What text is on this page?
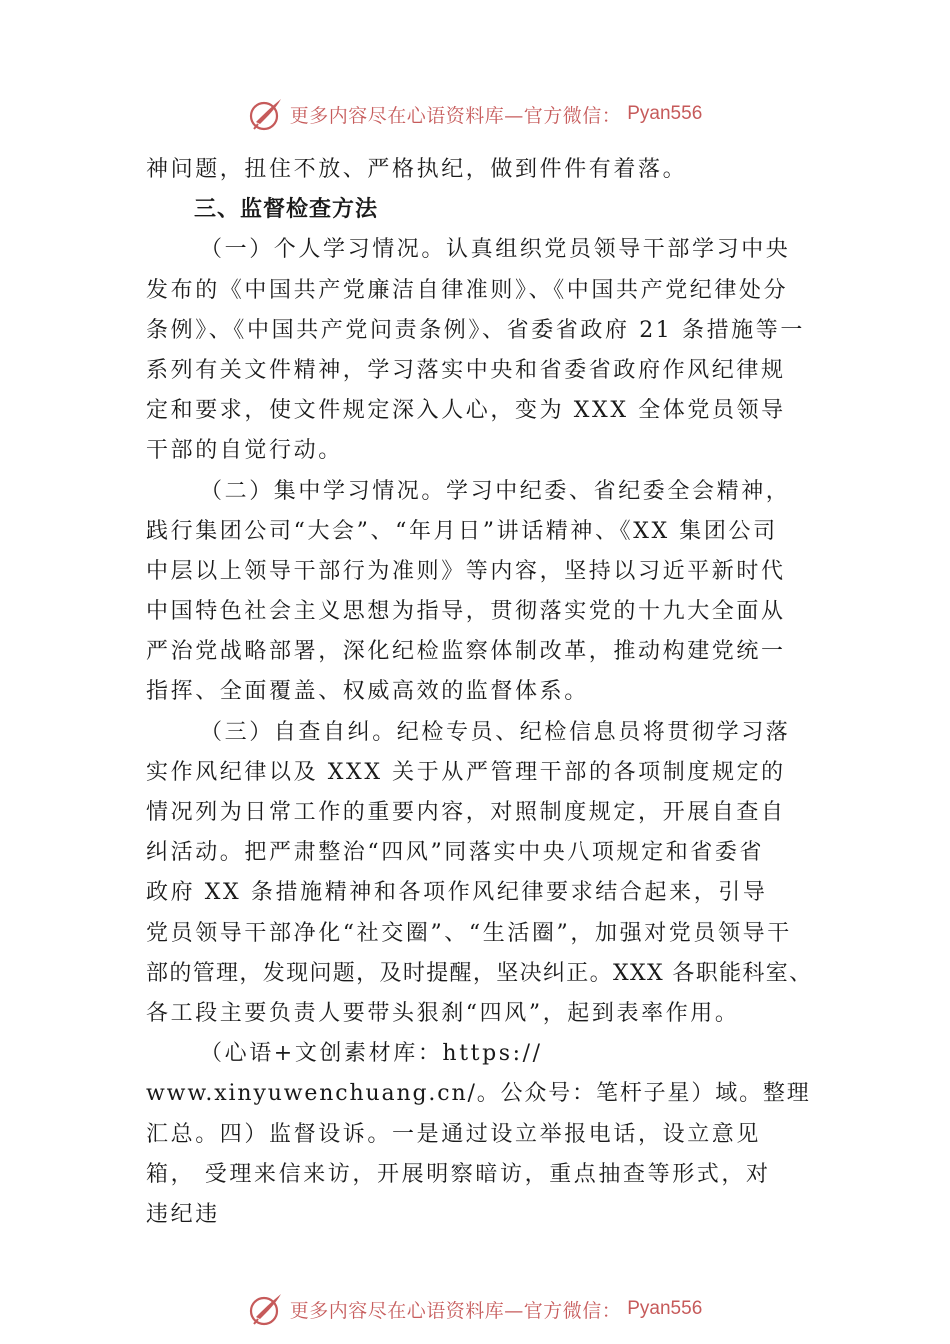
更多内容尽在心语资料库—官方微信： Pyan556
神问题，扭住不放、严格执纪，做到件件有着落。
三、监督检查方法
（一）个人学习情况。认真组织党员领导干部学习中央
发布的《中国共产党廉洁自律准则》、《中国共产党纪律处分
条例》、《中国共产党问责条例》、省委省政府 21 条措施等一
系列有关文件精神，学习落实中央和省委省政府作风纪律规
定和要求，使文件规定深入人心，变为 XXX 全体党员领导
干部的自觉行动。
（二）集中学习情况。学习中纪委、省纪委全会精神，
践行集团公司“大会”、“年月日”讲话精神、《XX 集团公司
中层以上领导干部行为准则》等内容，坚持以习近平新时代
中国特色社会主义思想为指导，贯彻落实党的十九大全面从
严治党战略部署，深化纪检监察体制改革，推动构建党统一
指挥、全面覆盖、权威高效的监督体系。
（三）自查自纠。纪检专员、纪检信息员将贯彻学习落
实作风纪律以及 XXX 关于从严管理干部的各项制度规定的
情况列为日常工作的重要内容，对照制度规定，开展自查自
纠活动。把严肃整治“四风”同落实中央八项规定和省委省
政府 XX 条措施精神和各项作风纪律要求结合起来，引导
党员领导干部净化“社交圈”、“生活圈”，加强对党员领导干
部的管理，发现问题，及时提醒，坚决纠正。XXX 各职能科室、
各工段主要负责人要带头狠刹“四风”，起到表率作用。
（心语+文创素材库：https://
www.xinyuwenchuang.cn/。公众号：笔杆子星）域。整理
汇总。四）监督设诉。一是通过设立举报电话，设立意见
箱， 受理来信来访，开展明察暗访，重点抽查等形式，对
违纪违
更多内容尽在心语资料库—官方微信： Pyan556
